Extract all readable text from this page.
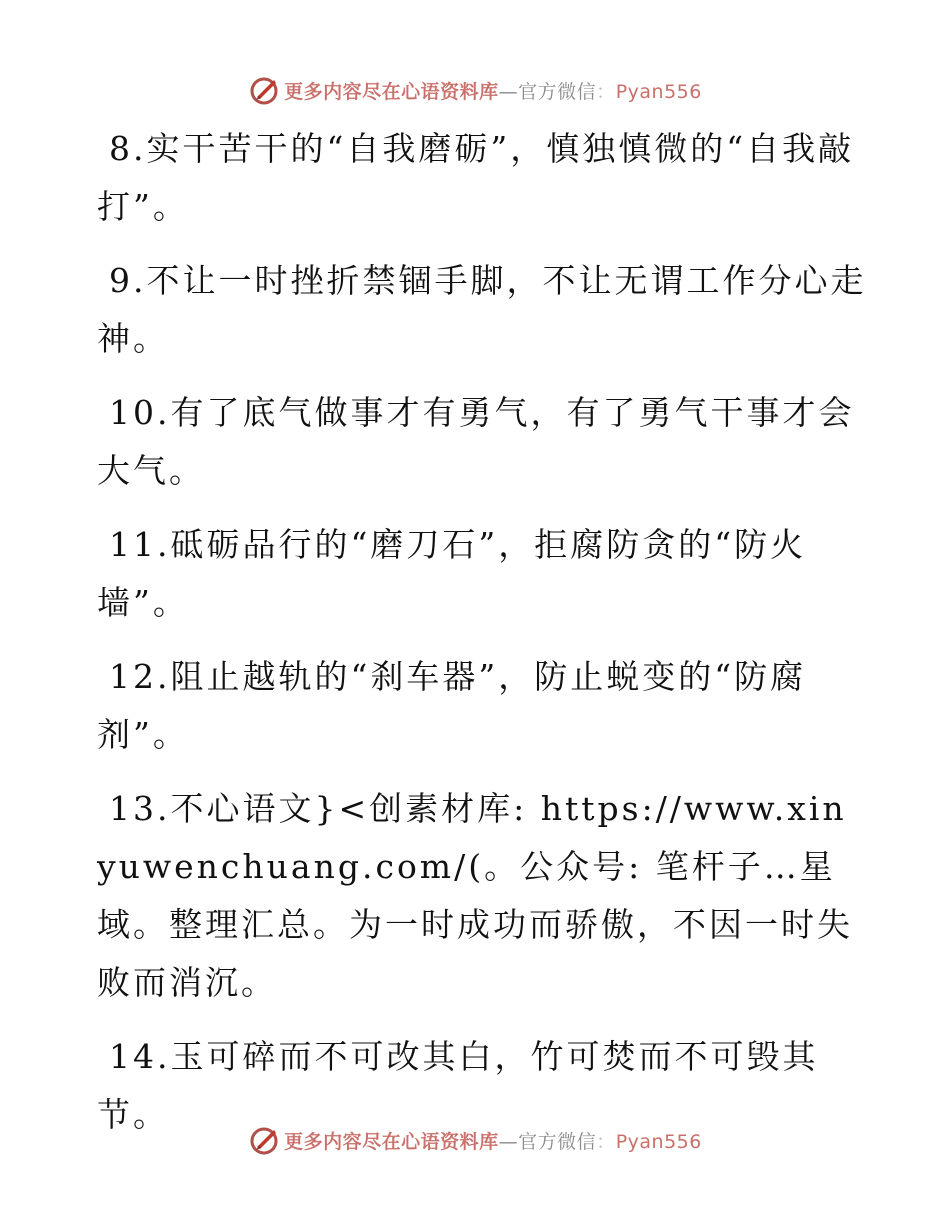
更多内容尽在心语资料库—官方微信：Pyan556

8.实干苦干的“自我磨砺”，慎独慎微的“自我敲打”。

9.不让一时挫折禁锢手脚，不让无谓工作分心走神。

10.有了底气做事才有勇气，有了勇气干事才会大气。

11.砥砺品行的“磨刀石”，拒腐防贪的“防火墙”。

12.阻止越轨的“刹车器”，防止蜕变的“防腐剂”。

13.不心语文}<创素材库: https://www.xinyuwenchuang.com/(。公众号: 笔杆子…星域。整理汇总。为一时成功而骄傲，不因一时失败而消沉。

14.玉可碎而不可改其白，竹可焚而不可毁其节。

更多内容尽在心语资料库—官方微信：Pyan556
